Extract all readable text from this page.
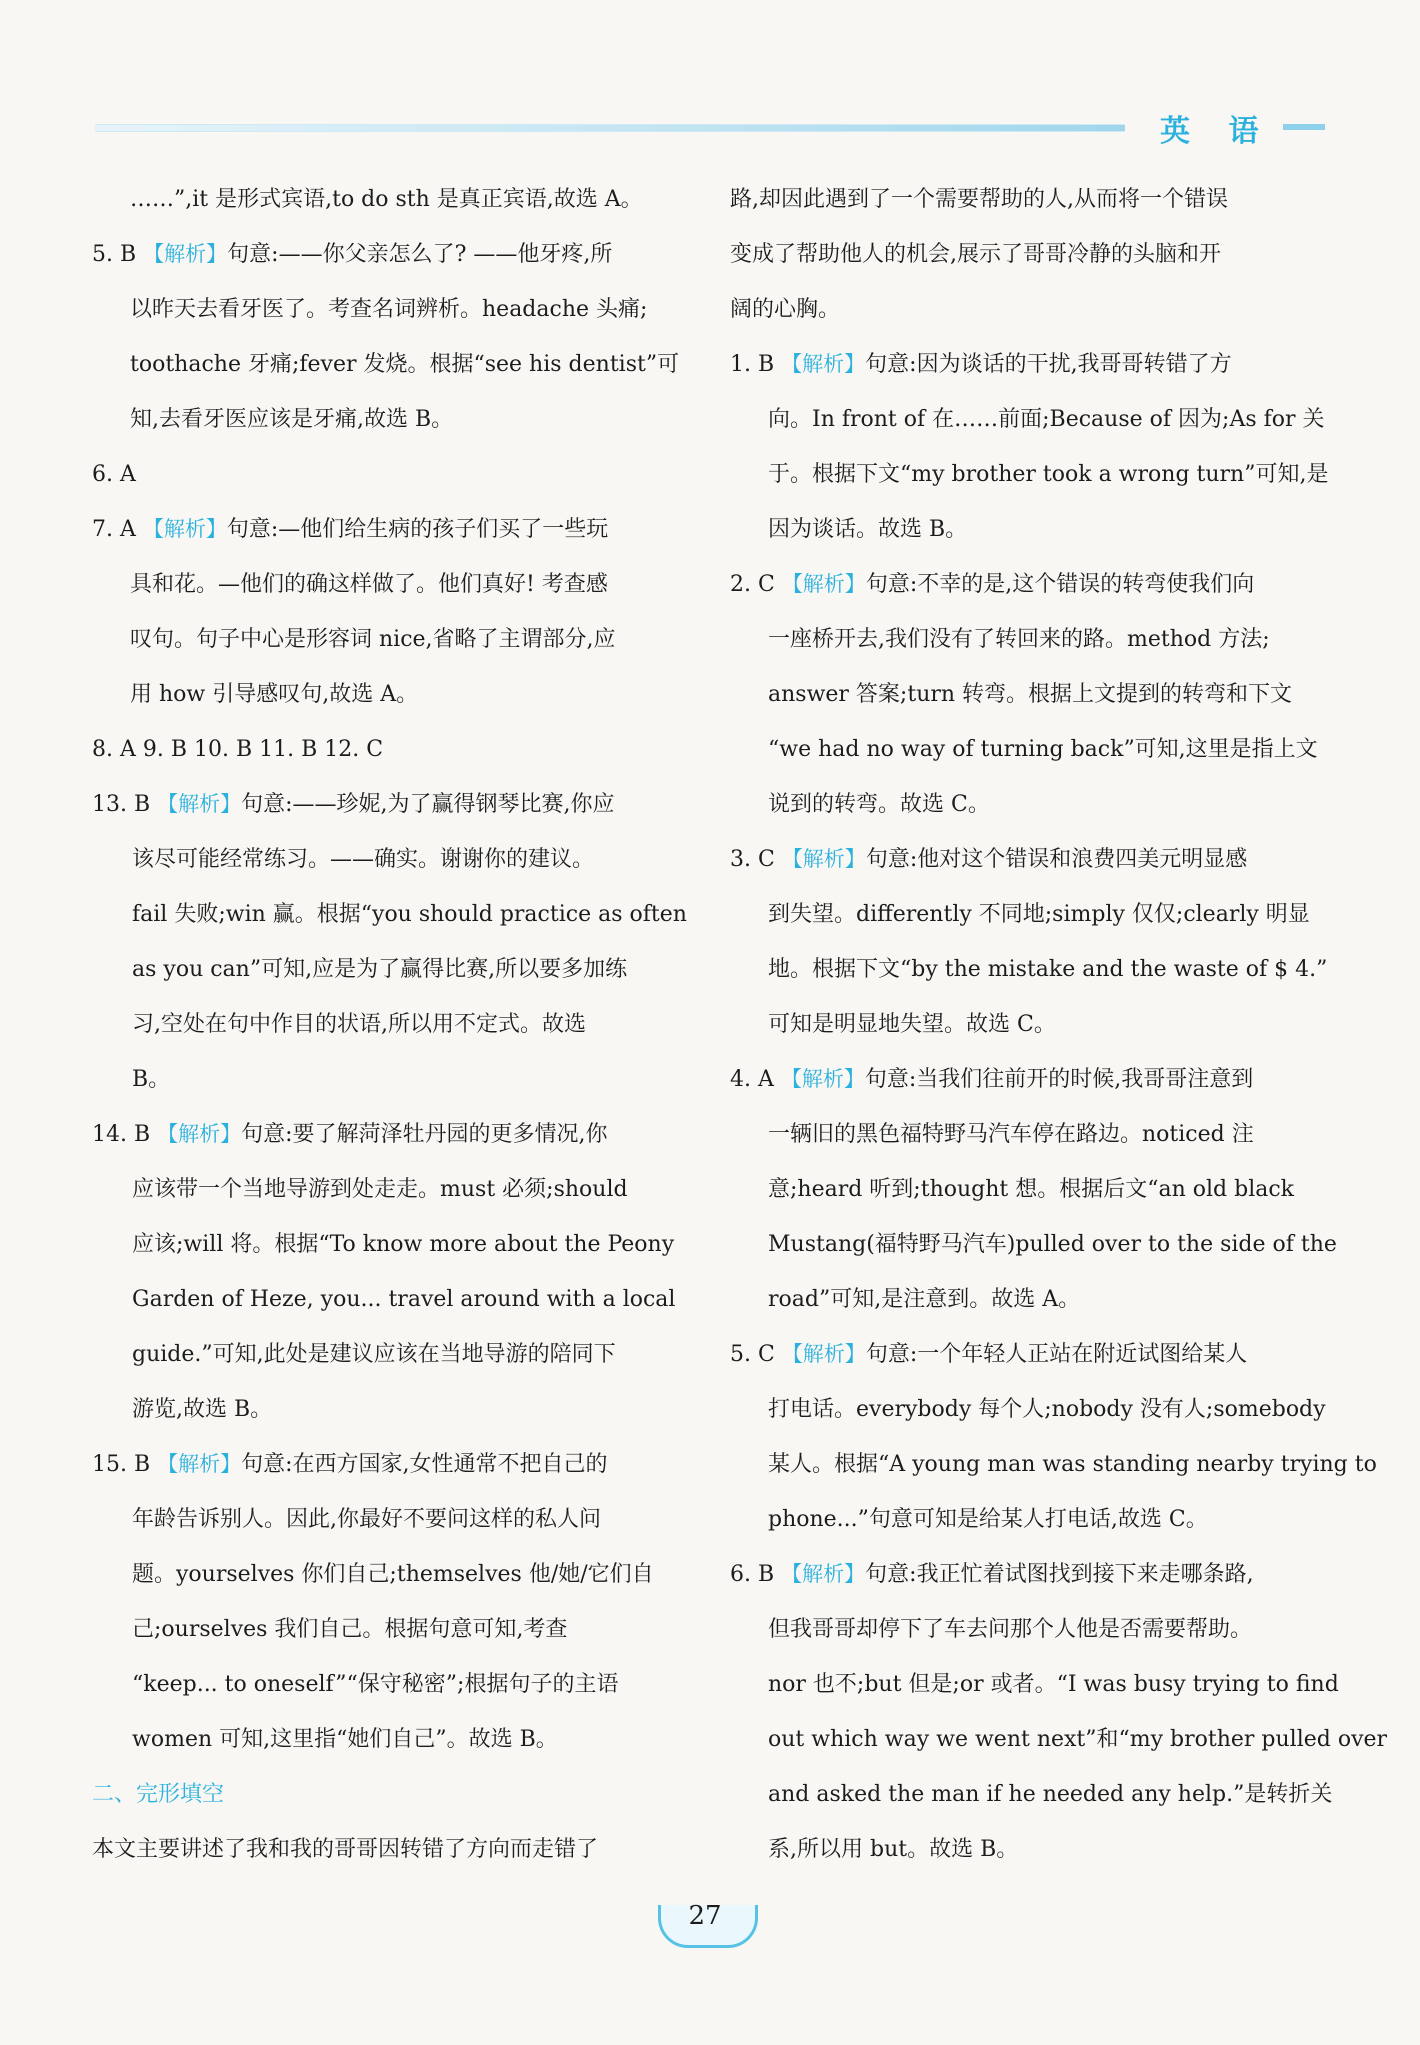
英 语
……”,it 是形式宾语,to do sth 是真正宾语,故选 A。
5. B 【解析】句意:——你父亲怎么了? ——他牙疼,所
以昨天去看牙医了。考查名词辨析。headache 头痛;
toothache 牙痛;fever 发烧。根据“see his dentist”可
知,去看牙医应该是牙痛,故选 B。
6. A
7. A 【解析】句意:—他们给生病的孩子们买了一些玩
具和花。—他们的确这样做了。他们真好! 考查感
叹句。句子中心是形容词 nice,省略了主谓部分,应
用 how 引导感叹句,故选 A。
8. A 9. B 10. B 11. B 12. C
13. B 【解析】句意:——珍妮,为了赢得钢琴比赛,你应
该尽可能经常练习。——确实。谢谢你的建议。
fail 失败;win 赢。根据“you should practice as often
as you can”可知,应是为了赢得比赛,所以要多加练
习,空处在句中作目的状语,所以用不定式。故选
B。
14. B 【解析】句意:要了解菏泽牡丹园的更多情况,你
应该带一个当地导游到处走走。must 必须;should
应该;will 将。根据“To know more about the Peony
Garden of Heze, you... travel around with a local
guide.”可知,此处是建议应该在当地导游的陪同下
游览,故选 B。
15. B 【解析】句意:在西方国家,女性通常不把自己的
年龄告诉别人。因此,你最好不要问这样的私人问
题。yourselves 你们自己;themselves 他/她/它们自
己;ourselves 我们自己。根据句意可知,考查
“keep... to oneself”“保守秘密”;根据句子的主语
women 可知,这里指“她们自己”。故选 B。
二、完形填空
本文主要讲述了我和我的哥哥因转错了方向而走错了
路,却因此遇到了一个需要帮助的人,从而将一个错误
变成了帮助他人的机会,展示了哥哥冷静的头脑和开
阔的心胸。
1. B 【解析】句意:因为谈话的干扰,我哥哥转错了方
向。In front of 在……前面;Because of 因为;As for 关
于。根据下文“my brother took a wrong turn”可知,是
因为谈话。故选 B。
2. C 【解析】句意:不幸的是,这个错误的转弯使我们向
一座桥开去,我们没有了转回来的路。method 方法;
answer 答案;turn 转弯。根据上文提到的转弯和下文
“we had no way of turning back”可知,这里是指上文
说到的转弯。故选 C。
3. C 【解析】句意:他对这个错误和浪费四美元明显感
到失望。differently 不同地;simply 仅仅;clearly 明显
地。根据下文“by the mistake and the waste of $ 4.”
可知是明显地失望。故选 C。
4. A 【解析】句意:当我们往前开的时候,我哥哥注意到
一辆旧的黑色福特野马汽车停在路边。noticed 注
意;heard 听到;thought 想。根据后文“an old black
Mustang(福特野马汽车)pulled over to the side of the
road”可知,是注意到。故选 A。
5. C 【解析】句意:一个年轻人正站在附近试图给某人
打电话。everybody 每个人;nobody 没有人;somebody
某人。根据“A young man was standing nearby trying to
phone...”句意可知是给某人打电话,故选 C。
6. B 【解析】句意:我正忙着试图找到接下来走哪条路,
但我哥哥却停下了车去问那个人他是否需要帮助。
nor 也不;but 但是;or 或者。“I was busy trying to find
out which way we went next”和“my brother pulled over
and asked the man if he needed any help.”是转折关
系,所以用 but。故选 B。
27
